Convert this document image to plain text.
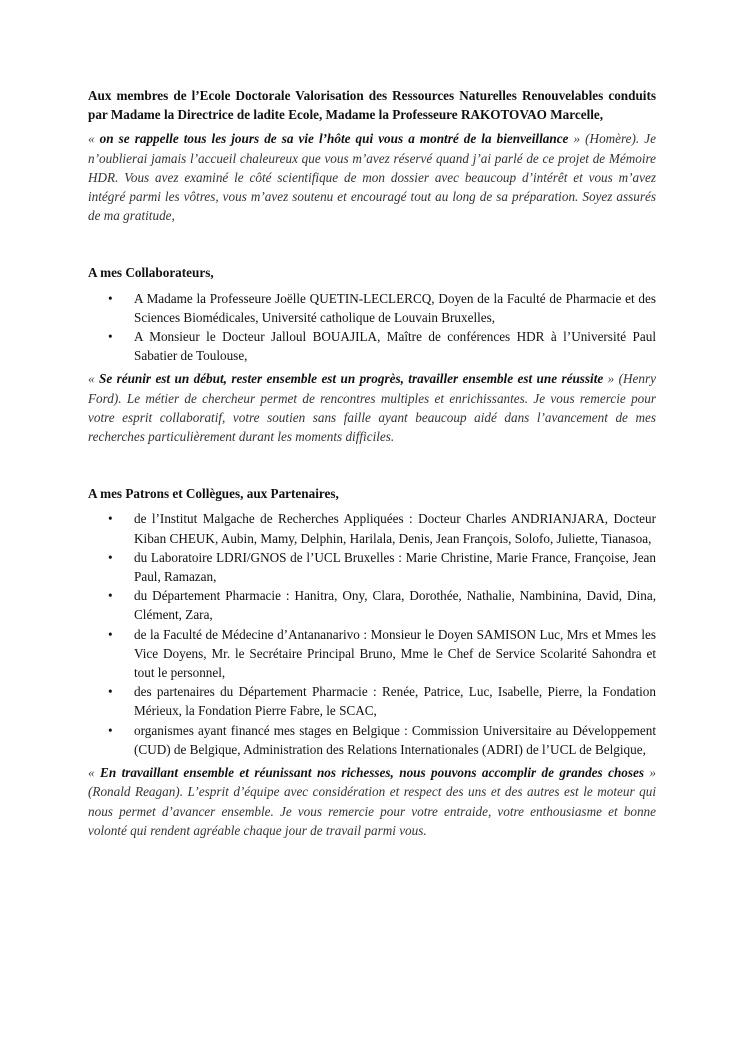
Aux membres de l’Ecole Doctorale Valorisation des Ressources Naturelles Renouvelables conduits par Madame la Directrice de ladite Ecole, Madame la Professeure RAKOTOVAO Marcelle,

« on se rappelle tous les jours de sa vie l’hôte qui vous a montré de la bienveillance » (Homère). Je n’oublierai jamais l’accueil chaleureux que vous m’avez réservé quand j’ai parlé de ce projet de Mémoire HDR. Vous avez examiné le côté scientifique de mon dossier avec beaucoup d’intérêt et vous m’avez intégré parmi les vôtres, vous m’avez soutenu et encouragé tout au long de sa préparation. Soyez assurés de ma gratitude,

A mes Collaborateurs,

• A Madame la Professeure Joëlle QUETIN-LECLERCQ, Doyen de la Faculté de Pharmacie et des Sciences Biomédicales, Université catholique de Louvain Bruxelles,
• A Monsieur le Docteur Jalloul BOUAJILA, Maître de conférences HDR à l’Université Paul Sabatier de Toulouse,

« Se réunir est un début, rester ensemble est un progrès, travailler ensemble est une réussite » (Henry Ford). Le métier de chercheur permet de rencontres multiples et enrichissantes. Je vous remercie pour votre esprit collaboratif, votre soutien sans faille ayant beaucoup aidé dans l’avancement de mes recherches particulièrement durant les moments difficiles.

A mes Patrons et Collègues, aux Partenaires,

• de l’Institut Malgache de Recherches Appliquées : Docteur Charles ANDRIANJARA, Docteur Kiban CHEUK, Aubin, Mamy, Delphin, Harilala, Denis, Jean François, Solofo, Juliette, Tianasoa,
• du Laboratoire LDRI/GNOS de l’UCL Bruxelles : Marie Christine, Marie France, Françoise, Jean Paul, Ramazan,
• du Département Pharmacie : Hanitra, Ony, Clara, Dorothée, Nathalie, Nambinina, David, Dina, Clément, Zara,
• de la Faculté de Médecine d’Antananarivo : Monsieur le Doyen SAMISON Luc, Mrs et Mmes les Vice Doyens, Mr. le Secrétaire Principal Bruno, Mme le Chef de Service Scolarité Sahondra et tout le personnel,
• des partenaires du Département Pharmacie : Renée, Patrice, Luc, Isabelle, Pierre, la Fondation Mérieux, la Fondation Pierre Fabre, le SCAC,
• organismes ayant financé mes stages en Belgique : Commission Universitaire au Développement (CUD) de Belgique, Administration des Relations Internationales (ADRI) de l’UCL de Belgique,

« En travaillant ensemble et réunissant nos richesses, nous pouvons accomplir de grandes choses » (Ronald Reagan). L’esprit d’équipe avec considération et respect des uns et des autres est le moteur qui nous permet d’avancer ensemble. Je vous remercie pour votre entraide, votre enthousiasme et bonne volonté qui rendent agréable chaque jour de travail parmi vous.
